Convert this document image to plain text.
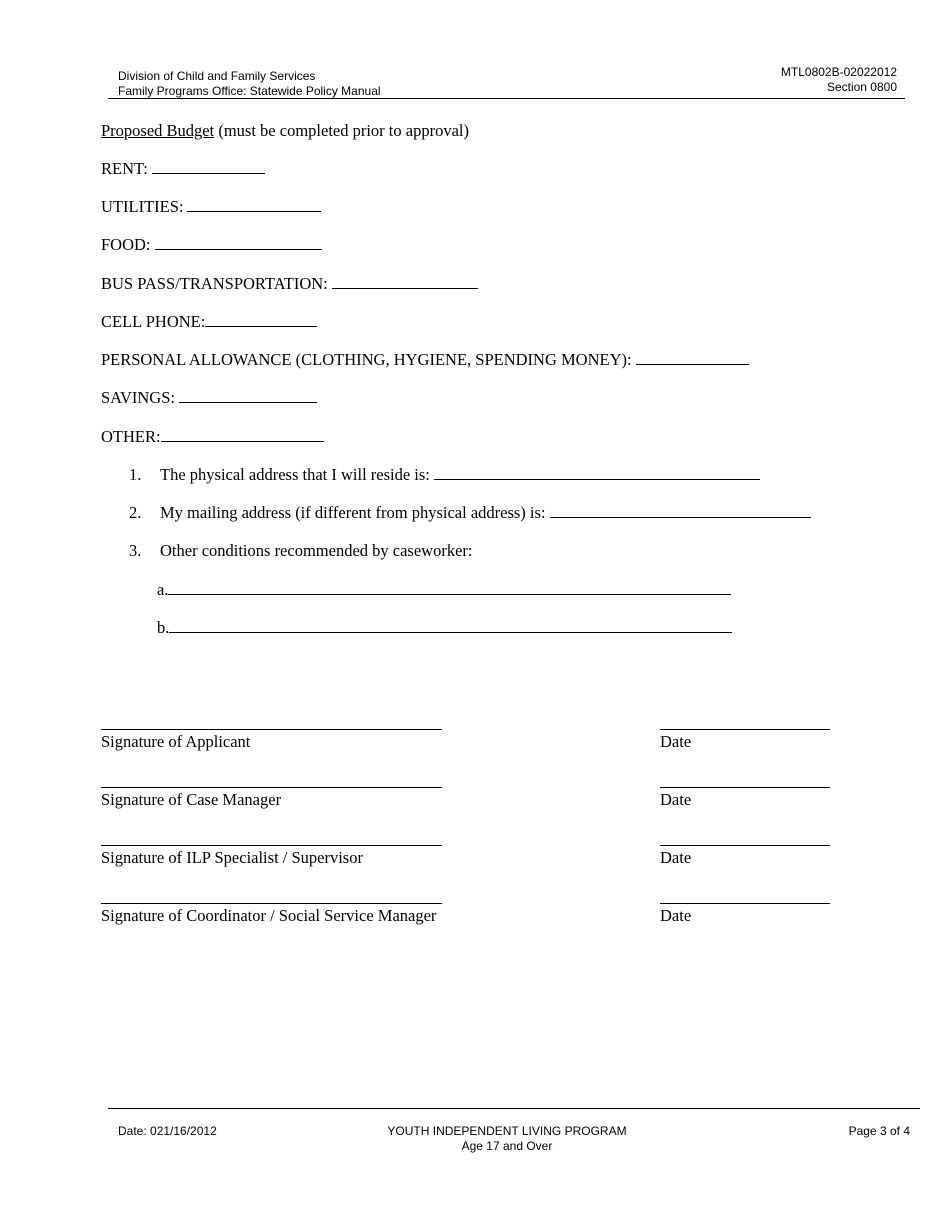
Division of Child and Family Services
Family Programs Office: Statewide Policy Manual
MTL0802B-02022012
Section 0800
Proposed Budget (must be completed prior to approval)
RENT:
UTILITIES:
FOOD:
BUS PASS/TRANSPORTATION:
CELL PHONE:
PERSONAL ALLOWANCE (CLOTHING, HYGIENE, SPENDING MONEY):
SAVINGS:
OTHER:
1. The physical address that I will reside is:
2. My mailing address (if different from physical address) is:
3. Other conditions recommended by caseworker:
a.
b.
Signature of Applicant	Date
Signature of Case Manager	Date
Signature of ILP Specialist / Supervisor	Date
Signature of Coordinator / Social Service Manager	Date
Date: 021/16/2012	YOUTH INDEPENDENT LIVING PROGRAM
Age 17 and Over
Page 3 of 4
